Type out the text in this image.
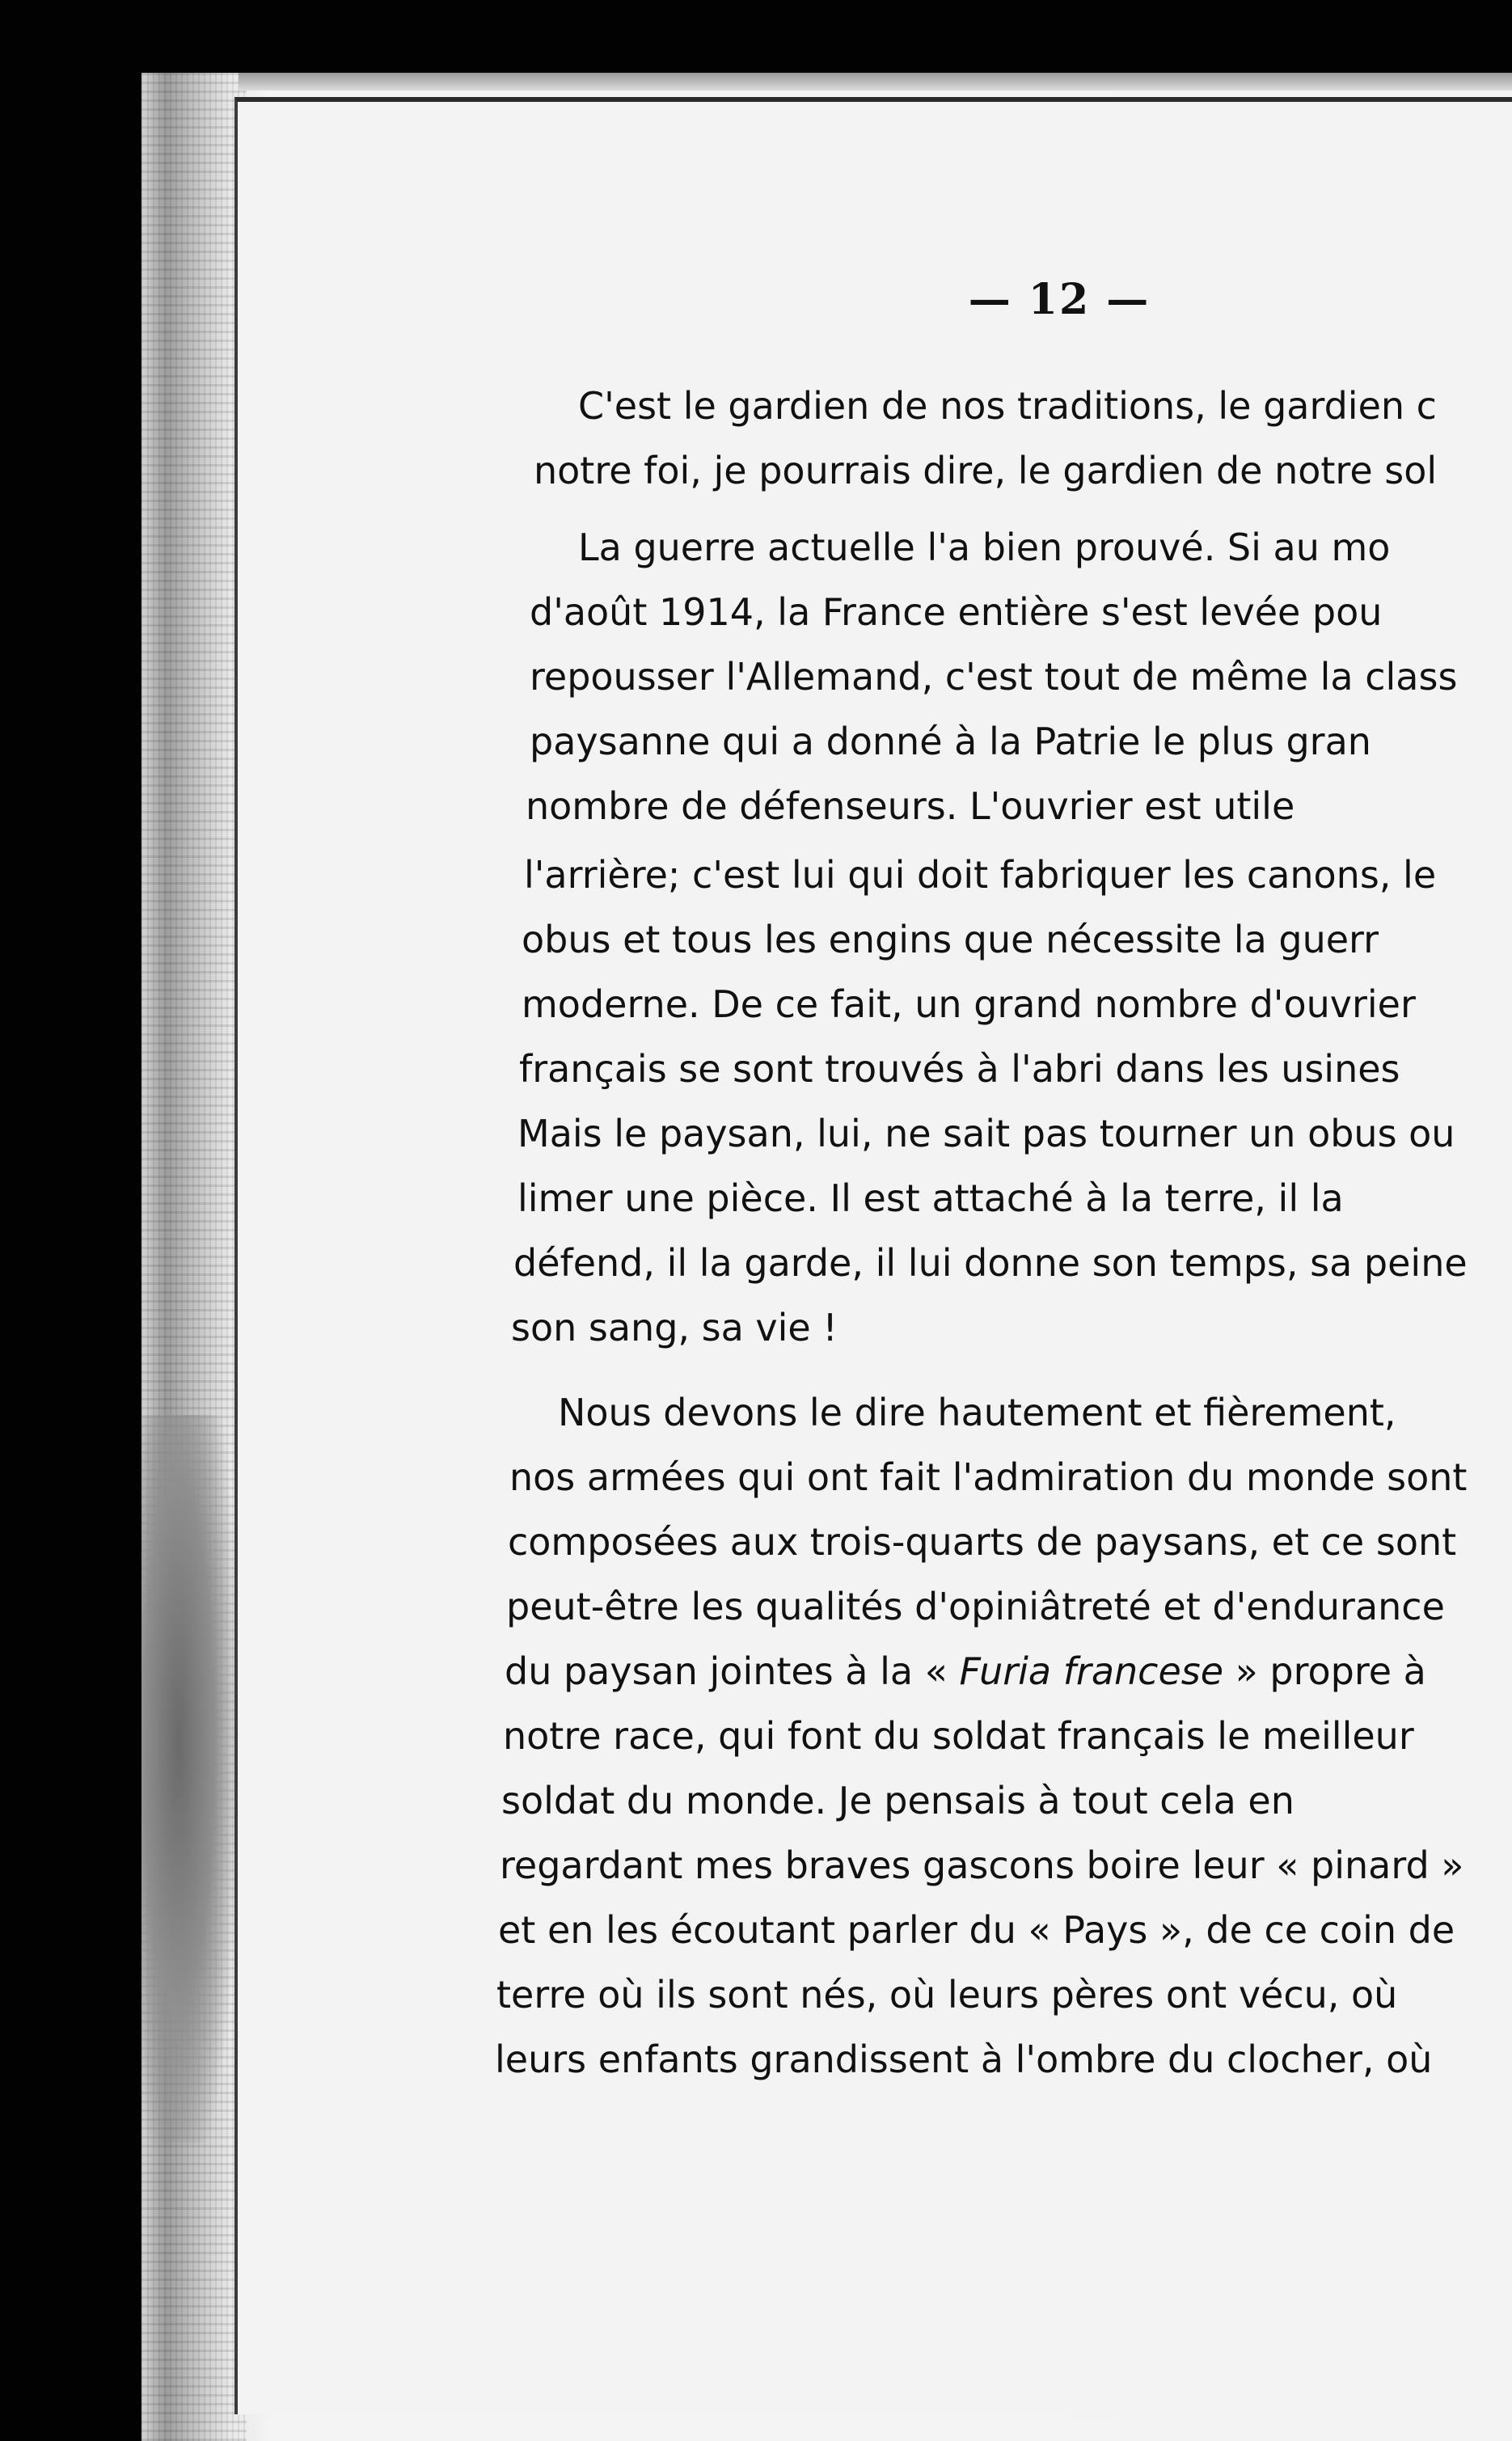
— 12 —
C'est le gardien de nos traditions, le gardien c
notre foi, je pourrais dire, le gardien de notre sol
La guerre actuelle l'a bien prouvé. Si au mo
d'août 1914, la France entière s'est levée pou
repousser l'Allemand, c'est tout de même la class
paysanne qui a donné à la Patrie le plus gran
nombre de défenseurs. L'ouvrier est utile
l'arrière; c'est lui qui doit fabriquer les canons, le
obus et tous les engins que nécessite la guerr
moderne. De ce fait, un grand nombre d'ouvrier
français se sont trouvés à l'abri dans les usines
Mais le paysan, lui, ne sait pas tourner un obus ou
limer une pièce. Il est attaché à la terre, il la
défend, il la garde, il lui donne son temps, sa peine
son sang, sa vie !
Nous devons le dire hautement et fièrement,
nos armées qui ont fait l'admiration du monde sont
composées aux trois-quarts de paysans, et ce sont
peut-être les qualités d'opiniâtreté et d'endurance
du paysan jointes à la « Furia francese » propre à
notre race, qui font du soldat français le meilleur
soldat du monde. Je pensais à tout cela en
regardant mes braves gascons boire leur « pinard »
et en les écoutant parler du « Pays », de ce coin de
terre où ils sont nés, où leurs pères ont vécu, où
leurs enfants grandissent à l'ombre du clocher, où
